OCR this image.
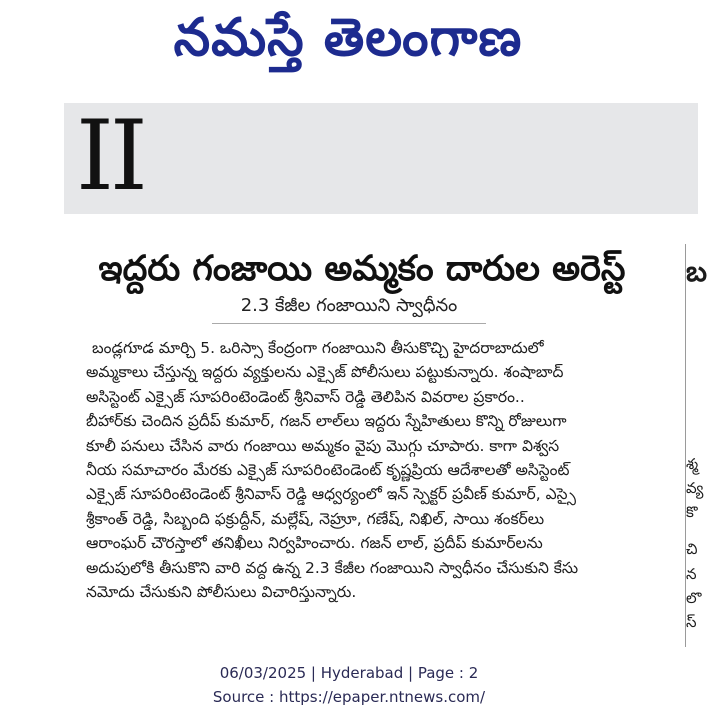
నమస్తే తెలంగాణ
II
ఇద్దరు గంజాయి అమ్మకం దారుల అరెస్ట్
2.3 కేజీల గంజాయిని స్వాధీనం
బండ్లగూడ మార్చి 5. ఒరిస్సా కేంద్రంగా గంజాయిని తీసుకొచ్చి హైదరాబాదులో
అమ్మకాలు చేస్తున్న ఇద్దరు వ్యక్తులను ఎక్సైజ్ పోలీసులు పట్టుకున్నారు. శంషాబాద్
అసిస్టెంట్ ఎక్సైజ్ సూపరింటెండెంట్ శ్రీనివాస్ రెడ్డి తెలిపిన వివరాల ప్రకారం..
బీహార్‌కు చెందిన ప్రదీప్ కుమార్, గజన్ లాల్‌లు ఇద్దరు స్నేహితులు కొన్ని రోజులుగా
కూలీ పనులు చేసిన వారు గంజాయి అమ్మకం వైపు మొగ్గు చూపారు. కాగా విశ్వస
నీయ సమాచారం మేరకు ఎక్సైజ్ సూపరింటెండెంట్ కృష్ణప్రియ ఆదేశాలతో అసిస్టెంట్
ఎక్సైజ్ సూపరింటెండెంట్ శ్రీనివాస్ రెడ్డి ఆధ్వర్యంలో ఇన్ స్పెక్టర్ ప్రవీణ్ కుమార్, ఎస్సై
శ్రీకాంత్ రెడ్డి, సిబ్బంది ఫక్రుద్దీన్, మల్లేష్, నెహ్రూ, గణేష్, నిఖిల్, సాయి శంకర్‌లు
ఆరాంఘర్ చౌరస్తాలో తనిఖీలు నిర్వహించారు. గజన్ లాల్, ప్రదీప్ కుమార్‌లను
అదుపులోకి తీసుకొని వారి వద్ద ఉన్న 2.3 కేజీల గంజాయిని స్వాధీనం చేసుకుని కేసు
నమోదు చేసుకుని పోలీసులు విచారిస్తున్నారు.
బ
శ్మ
వ్య
కొ
చి
న
లొ
స్
06/03/2025 | Hyderabad | Page : 2
Source : https://epaper.ntnews.com/
